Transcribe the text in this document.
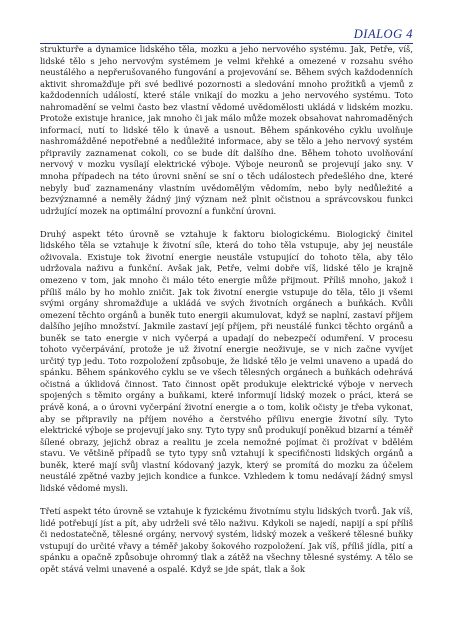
DIALOG 4

strukturře a dynamice lidského těla, mozku a jeho nervového systému. Jak, Petře, víš, lidské tělo s jeho nervovým systémem je velmi křehké a omezené v rozsahu svého neustálého a nepřerušovaného fungování a projevování se. Během svých každodenních aktivit shromažďuje při své bedlivé pozornosti a sledování mnoho prožitků a vjemů z každodenních událostí, které stále vnikají do mozku a jeho nervového systému. Toto nahromadění se velmi často bez vlastní vědomé uvědomělosti ukládá v lidském mozku. Protože existuje hranice, jak mnoho či jak málo může mozek obsahovat nahromaděných informací, nutí to lidské tělo k únavě a usnout. Během spánkového cyklu uvolňuje nashromážděné nepotřebné a nedůležité informace, aby se tělo a jeho nervový systém připravily zaznamenat cokoli, co se bude dít dalšího dne. Během tohoto uvolňování nervový v mozku vysílají elektrické výboje. Výboje neuronů se projevují jako sny. V mnoha případech na této úrovni snění se sní o těch událostech předešlého dne, které nebyly buď zaznamenány vlastním uvědomělým vědomím, nebo byly nedůležité a bezvýznamné a neměly žádný jiný význam než plnit očistnou a správcovskou funkci udržující mozek na optimální provozní a funkční úrovni.

Druhý aspekt této úrovně se vztahuje k faktoru biologickému. Biologický činitel lidského těla se vztahuje k životní síle, která do toho těla vstupuje, aby jej neustále oživovala. Existuje tok životní energie neustále vstupující do tohoto těla, aby tělo udržovala naživu a funkční. Avšak jak, Petře, velmi dobře víš, lidské tělo je krajně omezeno v tom, jak mnoho či málo této energie může přijmout. Příliš mnoho, jakož i příliš málo by ho mohlo zničit. Jak tok životní energie vstupuje do těla, tělo ji všemi svými orgány shromažďuje a ukládá ve svých životních orgánech a buňkách. Kvůli omezení těchto orgánů a buněk tuto energii akumulovat, když se naplní, zastaví příjem dalšího jejího množství. Jakmile zastaví její příjem, při neustálé funkci těchto orgánů a buněk se tato energie v nich vyčerpá a upadají do nebezpečí odumření. V procesu tohoto vyčerpávání, protože je už životní energie neoživuje, se v nich začne vyvíjet určitý typ jedu. Toto rozpoložení způsobuje, že lidské tělo je velmi unaveno a upadá do spánku. Během spánkového cyklu se ve všech tělesných orgánech a buňkách odehrává očistná a úklidová činnost. Tato činnost opět produkuje elektrické výboje v nervech spojených s těmito orgány a buňkami, které informují lidský mozek o práci, která se právě koná, a o úrovni vyčerpání životní energie a o tom, kolik očisty je třeba vykonat, aby se připravily na příjem nového a čerstvého přílivu energie životní síly. Tyto elektrické výboje se projevují jako sny. Tyto typy snů produkují poněkud bizarní a téměř šílené obrazy, jejichž obraz a realitu je zcela nemožné pojímat či prožívat v bdělém stavu. Ve většině případů se tyto typy snů vztahují k specifičnosti lidských orgánů a buněk, které mají svůj vlastní kódovaný jazyk, který se promítá do mozku za účelem neustálé zpětné vazby jejich kondice a funkce. Vzhledem k tomu nedávají žádný smysl lidské vědomé mysli.

Třetí aspekt této úrovně se vztahuje k fyzickému životnímu stylu lidských tvorů. Jak víš, lidé potřebují jíst a pít, aby udrželi své tělo naživu. Kdykoli se najedí, napijí a spí příliš či nedostatečně, tělesné orgány, nervový systém, lidský mozek a veškeré tělesné buňky vstupují do určité vřavy a téměř jakoby šokového rozpoložení. Jak víš, příliš jídla, pití a spánku a opačně způsobuje ohromný tlak a zátěž na všechny tělesné systémy. A tělo se opět stává velmi unavené a ospalé. Když se jde spát, tlak a šok
